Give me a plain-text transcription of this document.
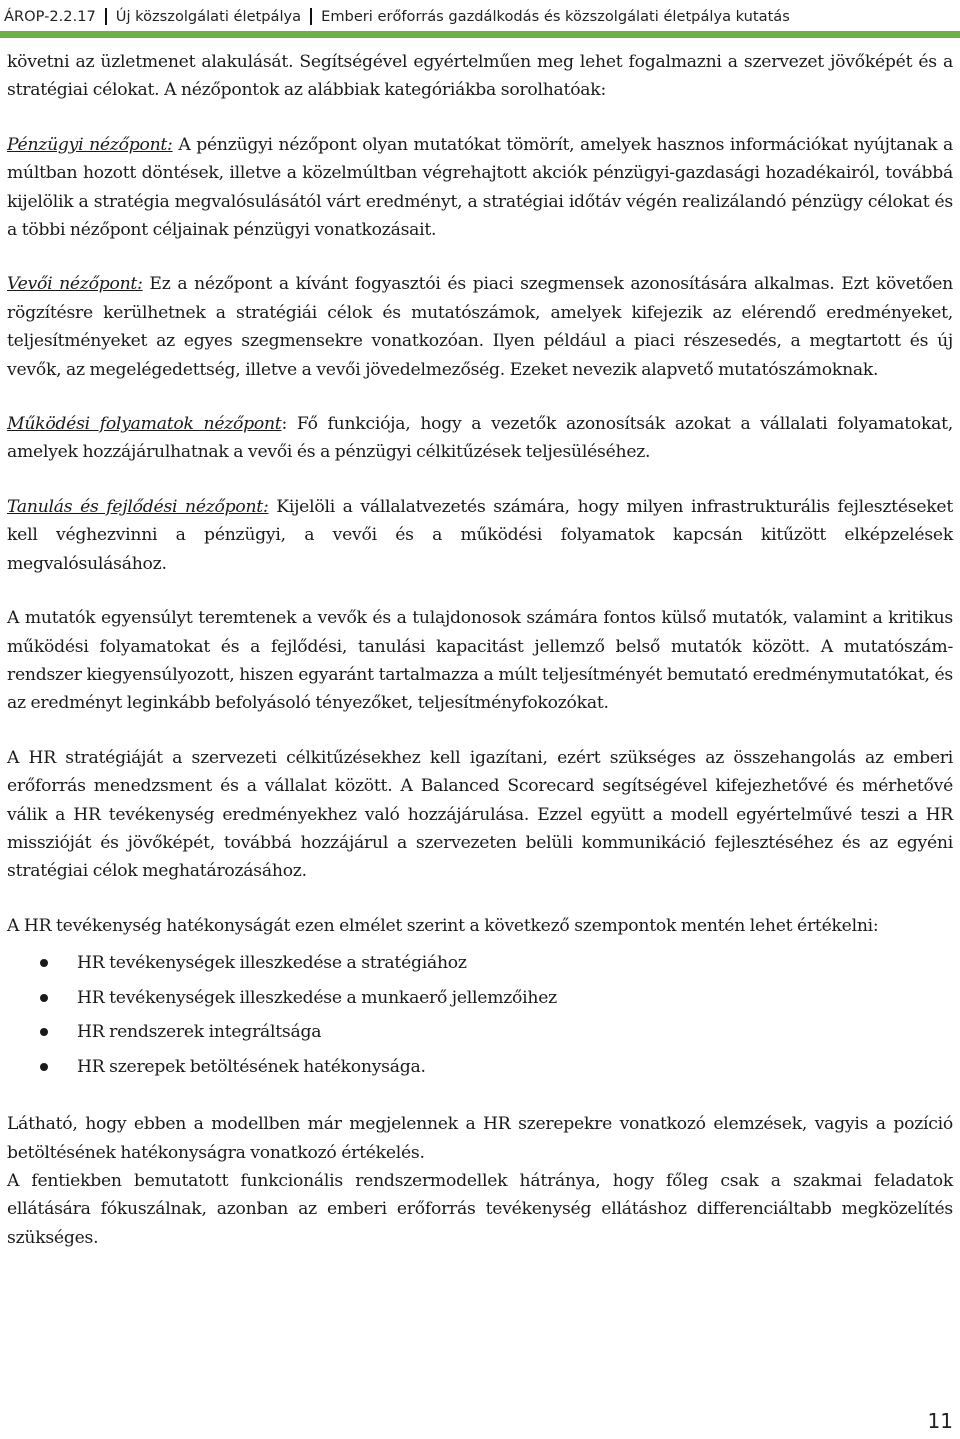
ÁROP-2.2.17	Új közszolgálati életpálya	Emberi erőforrás gazdálkodás és közszolgálati életpálya kutatás

követni az üzletmenet alakulását. Segítségével egyértelműen meg lehet fogalmazni a szervezet jövőképét és a stratégiai célokat. A nézőpontok az alábbiak kategóriákba sorolhatóak:

Pénzügyi nézőpont: A pénzügyi nézőpont olyan mutatókat tömörít, amelyek hasznos információkat nyújtanak a múltban hozott döntések, illetve a közelmúltban végrehajtott akciók pénzügyi-gazdasági hozadékairól, továbbá kijelölik a stratégia megvalósulásától várt eredményt, a stratégiai időtáv végén realizálandó pénzügy célokat és a többi nézőpont céljainak pénzügyi vonatkozásait.

Vevői nézőpont: Ez a nézőpont a kívánt fogyasztói és piaci szegmensek azonosítására alkalmas. Ezt követően rögzítésre kerülhetnek a stratégiái célok és mutatószámok, amelyek kifejezik az elérendő eredményeket, teljesítményeket az egyes szegmensekre vonatkozóan. Ilyen például a piaci részesedés, a megtartott és új vevők, az megelégedettség, illetve a vevői jövedelmezőség. Ezeket nevezik alapvető mutatószámoknak.

Működési folyamatok nézőpont: Fő funkciója, hogy a vezetők azonosítsák azokat a vállalati folyamatokat, amelyek hozzájárulhatnak a vevői és a pénzügyi célkitűzések teljesüléséhez.

Tanulás és fejlődési nézőpont: Kijelöli a vállalatvezetés számára, hogy milyen infrastrukturális fejlesztéseket kell véghezvinni a pénzügyi, a vevői és a működési folyamatok kapcsán kitűzött elképzelések megvalósulásához.

A mutatók egyensúlyt teremtenek a vevők és a tulajdonosok számára fontos külső mutatók, valamint a kritikus működési folyamatokat és a fejlődési, tanulási kapacitást jellemző belső mutatók között. A mutatószám-rendszer kiegyensúlyozott, hiszen egyaránt tartalmazza a múlt teljesítményét bemutató eredménymutatókat, és az eredményt leginkább befolyásoló tényezőket, teljesítményfokozókat.

A HR stratégiáját a szervezeti célkitűzésekhez kell igazítani, ezért szükséges az összehangolás az emberi erőforrás menedzsment és a vállalat között. A Balanced Scorecard segítségével kifejezhetővé és mérhetővé válik a HR tevékenység eredményekhez való hozzájárulása. Ezzel együtt a modell egyértelművé teszi a HR misszióját és jövőképét, továbbá hozzájárul a szervezeten belüli kommunikáció fejlesztéséhez és az egyéni stratégiai célok meghatározásához.

A HR tevékenység hatékonyságát ezen elmélet szerint a következő szempontok mentén lehet értékelni:

HR tevékenységek illeszkedése a stratégiához
HR tevékenységek illeszkedése a munkaerő jellemzőihez
HR rendszerek integráltsága
HR szerepek betöltésének hatékonysága.

Látható, hogy ebben a modellben már megjelennek a HR szerepekre vonatkozó elemzések, vagyis a pozíció betöltésének hatékonyságra vonatkozó értékelés.

A fentiekben bemutatott funkcionális rendszermodellek hátránya, hogy főleg csak a szakmai feladatok ellátására fókuszálnak, azonban az emberi erőforrás tevékenység ellátáshoz differenciáltabb megközelítés szükséges.

11
